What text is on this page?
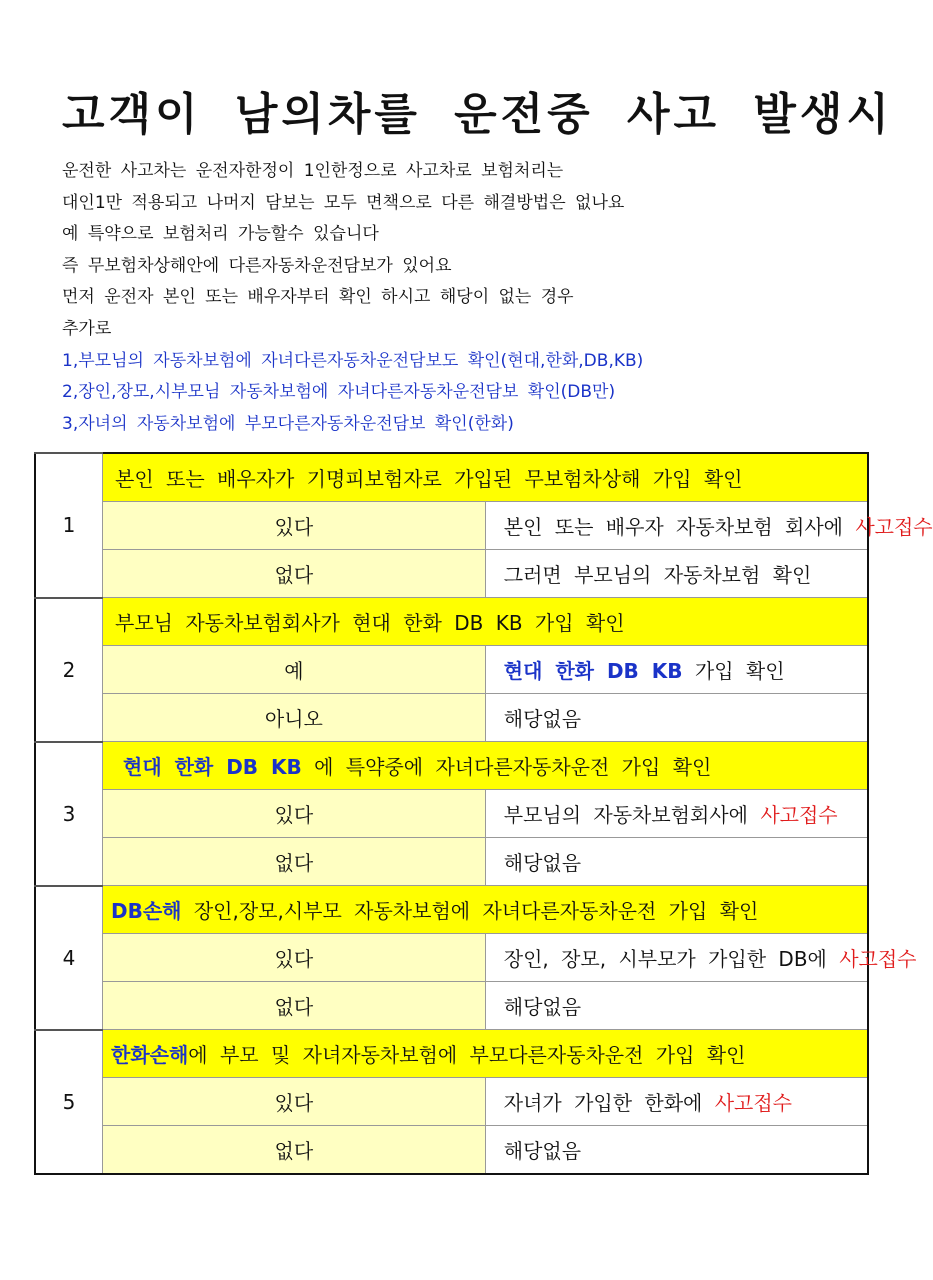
고객이 남의차를 운전중 사고 발생시
운전한 사고차는 운전자한정이 1인한정으로 사고차로 보험처리는
대인1만 적용되고 나머지 담보는 모두 면책으로 다른 해결방법은 없나요
예 특약으로 보험처리 가능할수 있습니다
즉 무보험차상해안에 다른자동차운전담보가 있어요
먼저 운전자 본인 또는 배우자부터 확인 하시고 해당이 없는 경우
추가로
1,부모님의 자동차보험에 자녀다른자동차운전담보도 확인(현대,한화,DB,KB)
2,장인,장모,시부모님 자동차보험에 자녀다른자동차운전담보 확인(DB만)
3,자녀의 자동차보험에 부모다른자동차운전담보 확인(한화)
1	본인 또는 배우자가 기명피보험자로 가입된 무보험차상해 가입 확인	
	있다	본인 또는 배우자 자동차보험 회사에 사고접수
	없다	그러면 부모님의 자동차보험 확인
2	부모님 자동차보험회사가 현대 한화 DB KB 가입 확인	
	예	현대 한화 DB KB 가입 확인
	아니오	해당없음
3	현대 한화 DB KB 에 특약중에 자녀다른자동차운전 가입 확인	
	있다	부모님의 자동차보험회사에 사고접수
	없다	해당없음
4	DB손해 장인,장모,시부모 자동차보험에 자녀다른자동차운전 가입 확인	
	있다	장인, 장모, 시부모가 가입한 DB에 사고접수
	없다	해당없음
5	한화손해에 부모 및 자녀자동차보험에 부모다른자동차운전 가입 확인	
	있다	자녀가 가입한 한화에 사고접수
	없다	해당없음
